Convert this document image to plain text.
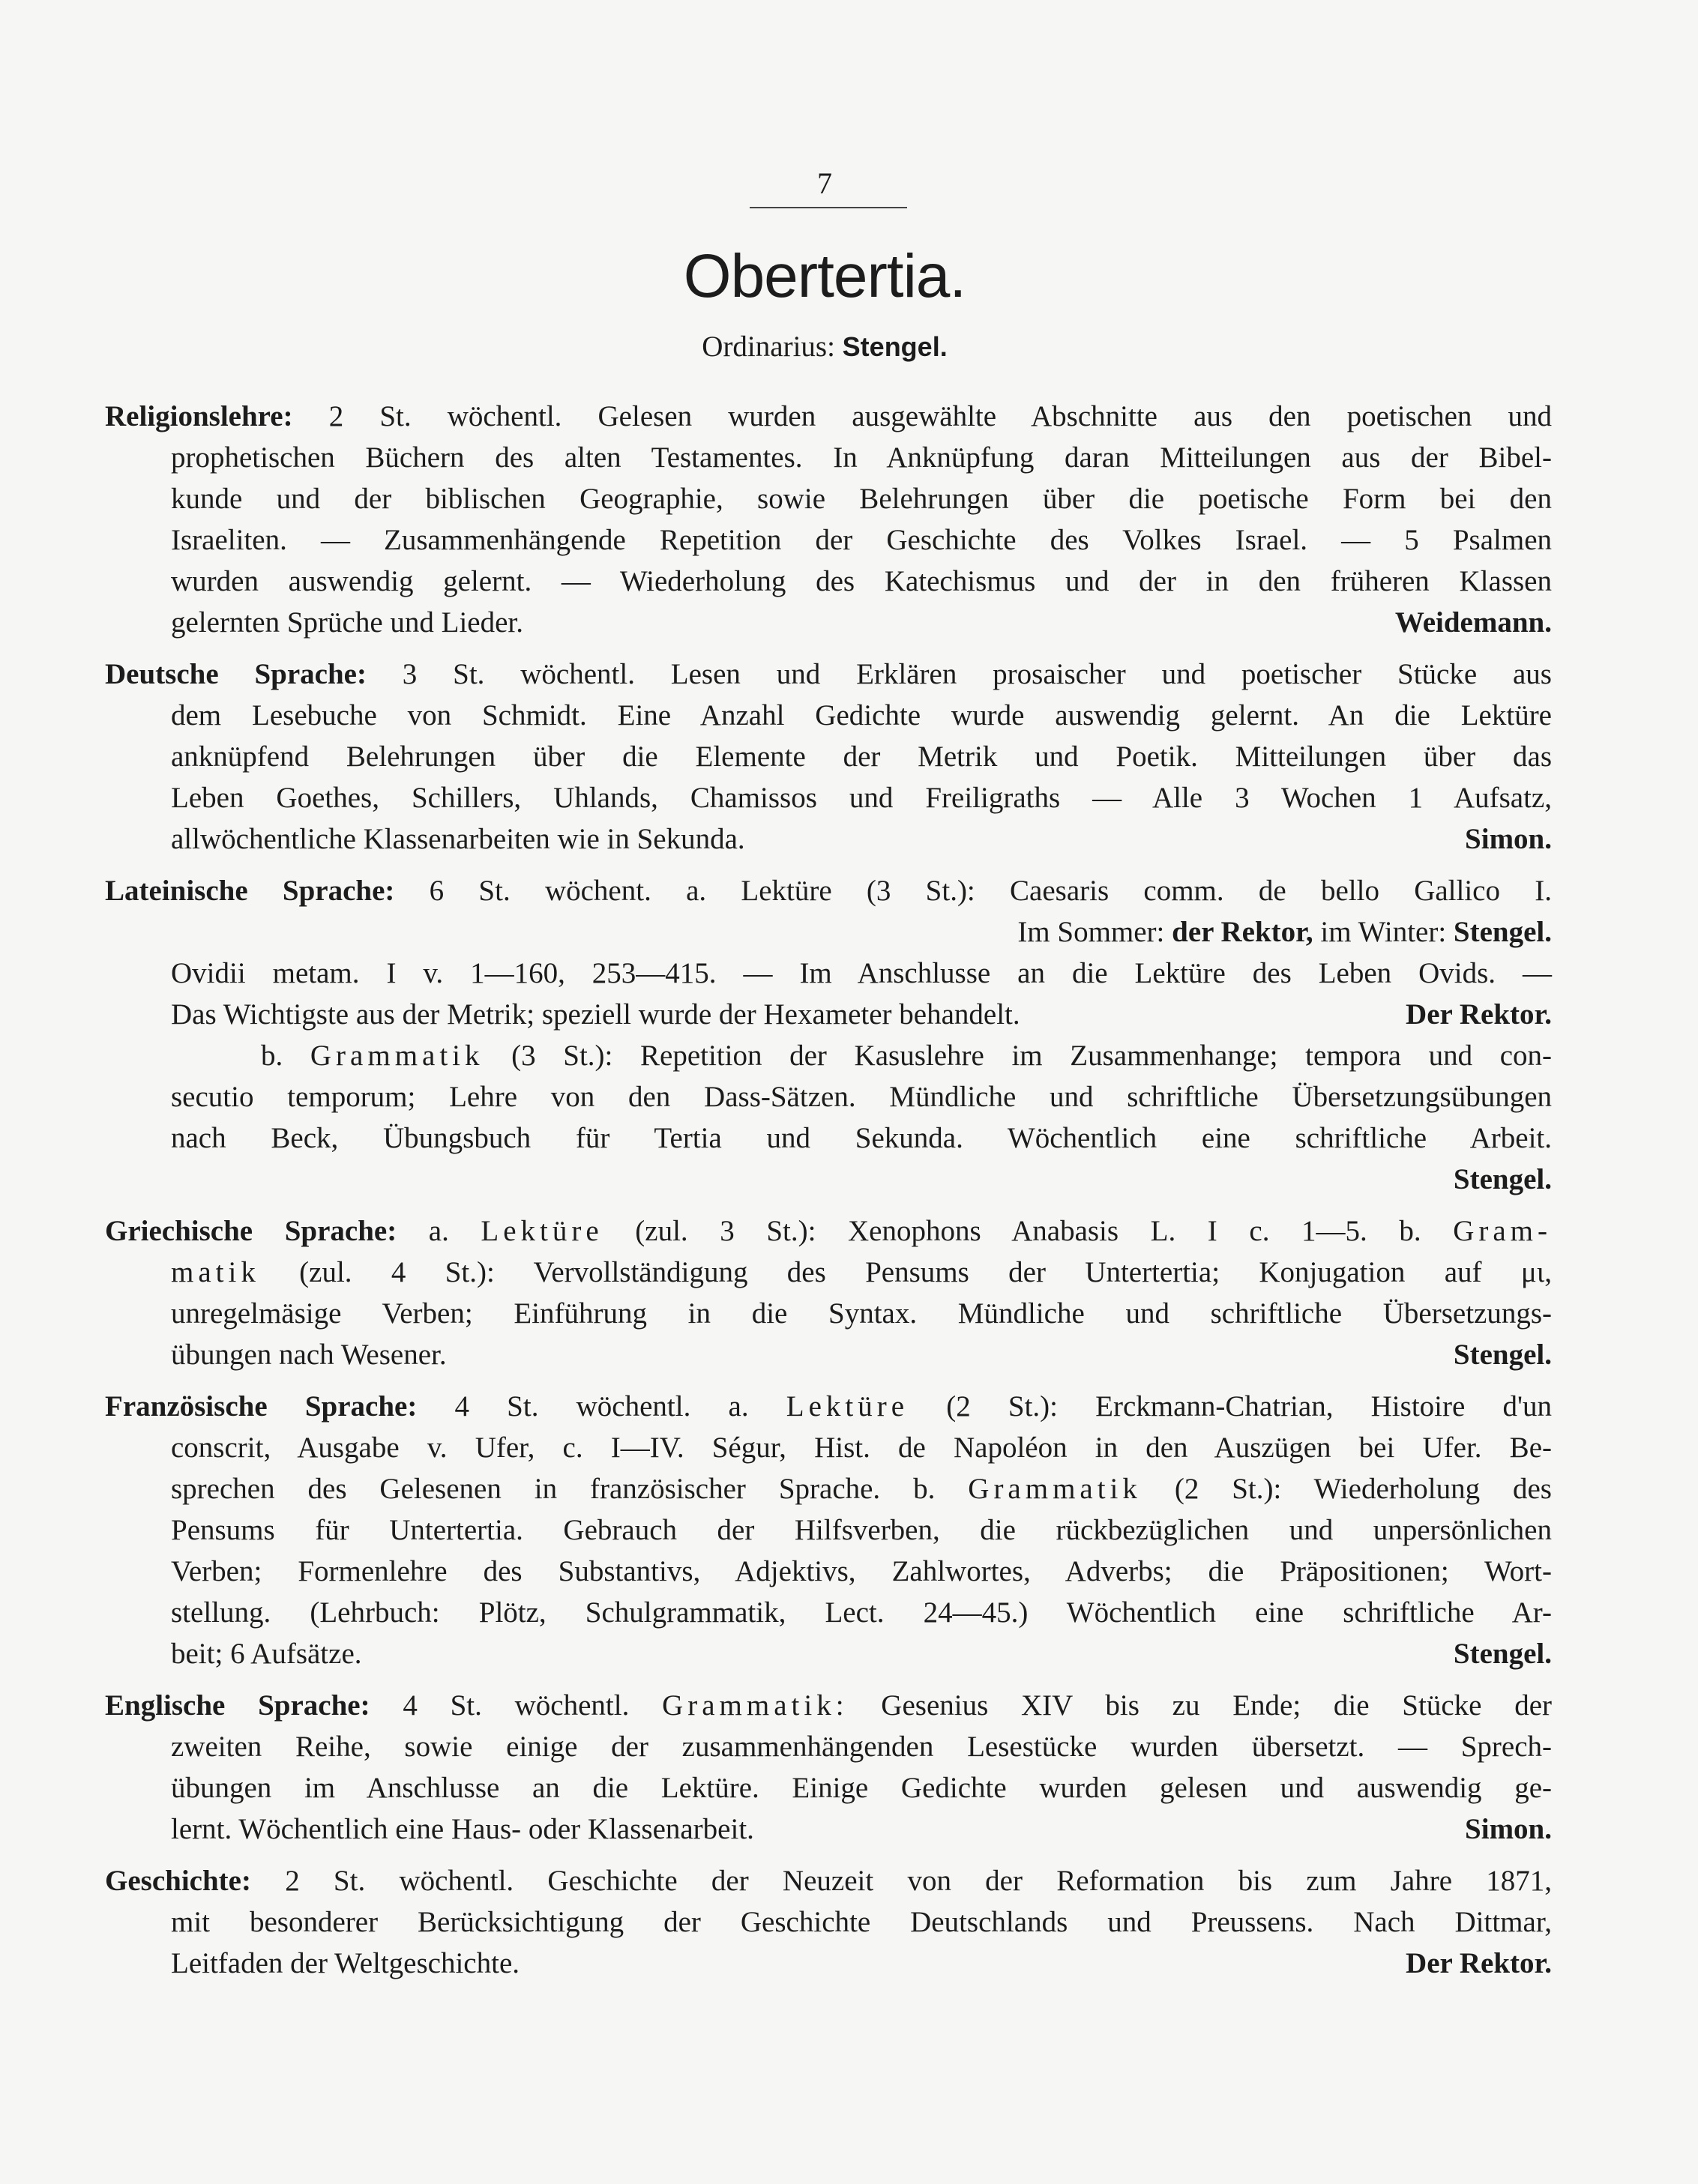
7
Obertertia.
Ordinarius: Stengel.
Religionslehre: 2 St. wöchentl. Gelesen wurden ausgewählte Abschnitte aus den poetischen und
prophetischen Büchern des alten Testamentes. In Anknüpfung daran Mitteilungen aus der Bibel-
kunde und der biblischen Geographie, sowie Belehrungen über die poetische Form bei den
Israeliten. — Zusammenhängende Repetition der Geschichte des Volkes Israel. — 5 Psalmen
wurden auswendig gelernt. — Wiederholung des Katechismus und der in den früheren Klassen
gelernten Sprüche und Lieder.	Weidemann.
Deutsche Sprache: 3 St. wöchentl. Lesen und Erklären prosaischer und poetischer Stücke aus
dem Lesebuche von Schmidt. Eine Anzahl Gedichte wurde auswendig gelernt. An die Lektüre
anknüpfend Belehrungen über die Elemente der Metrik und Poetik. Mitteilungen über das
Leben Goethes, Schillers, Uhlands, Chamissos und Freiligraths — Alle 3 Wochen 1 Aufsatz,
allwöchentliche Klassenarbeiten wie in Sekunda.	Simon.
Lateinische Sprache: 6 St. wöchent. a. Lektüre (3 St.): Caesaris comm. de bello Gallico I.
Im Sommer: der Rektor, im Winter: Stengel.
Ovidii metam. I v. 1—160, 253—415. — Im Anschlusse an die Lektüre des Leben Ovids. —
Das Wichtigste aus der Metrik; speziell wurde der Hexameter behandelt.	Der Rektor.
b. Grammatik (3 St.): Repetition der Kasuslehre im Zusammenhange; tempora und con-
secutio temporum; Lehre von den Dass-Sätzen. Mündliche und schriftliche Übersetzungsübungen
nach Beck, Übungsbuch für Tertia und Sekunda. Wöchentlich eine schriftliche Arbeit.
Stengel.
Griechische Sprache: a. Lektüre (zul. 3 St.): Xenophons Anabasis L. I c. 1—5. b. Gram-
matik (zul. 4 St.): Vervollständigung des Pensums der Untertertia; Konjugation auf μι,
unregelmäsige Verben; Einführung in die Syntax. Mündliche und schriftliche Übersetzungs-
übungen nach Wesener.	Stengel.
Französische Sprache: 4 St. wöchentl. a. Lektüre (2 St.): Erckmann-Chatrian, Histoire d'un
conscrit, Ausgabe v. Ufer, c. I—IV. Ségur, Hist. de Napoléon in den Auszügen bei Ufer. Be-
sprechen des Gelesenen in französischer Sprache. b. Grammatik (2 St.): Wiederholung des
Pensums für Untertertia. Gebrauch der Hilfsverben, die rückbezüglichen und unpersönlichen
Verben; Formenlehre des Substantivs, Adjektivs, Zahlwortes, Adverbs; die Präpositionen; Wort-
stellung. (Lehrbuch: Plötz, Schulgrammatik, Lect. 24—45.) Wöchentlich eine schriftliche Ar-
beit; 6 Aufsätze.	Stengel.
Englische Sprache: 4 St. wöchentl. Grammatik: Gesenius XIV bis zu Ende; die Stücke der
zweiten Reihe, sowie einige der zusammenhängenden Lesestücke wurden übersetzt. — Sprech-
übungen im Anschlusse an die Lektüre. Einige Gedichte wurden gelesen und auswendig ge-
lernt. Wöchentlich eine Haus- oder Klassenarbeit.	Simon.
Geschichte: 2 St. wöchentl. Geschichte der Neuzeit von der Reformation bis zum Jahre 1871,
mit besonderer Berücksichtigung der Geschichte Deutschlands und Preussens. Nach Dittmar,
Leitfaden der Weltgeschichte.	Der Rektor.
